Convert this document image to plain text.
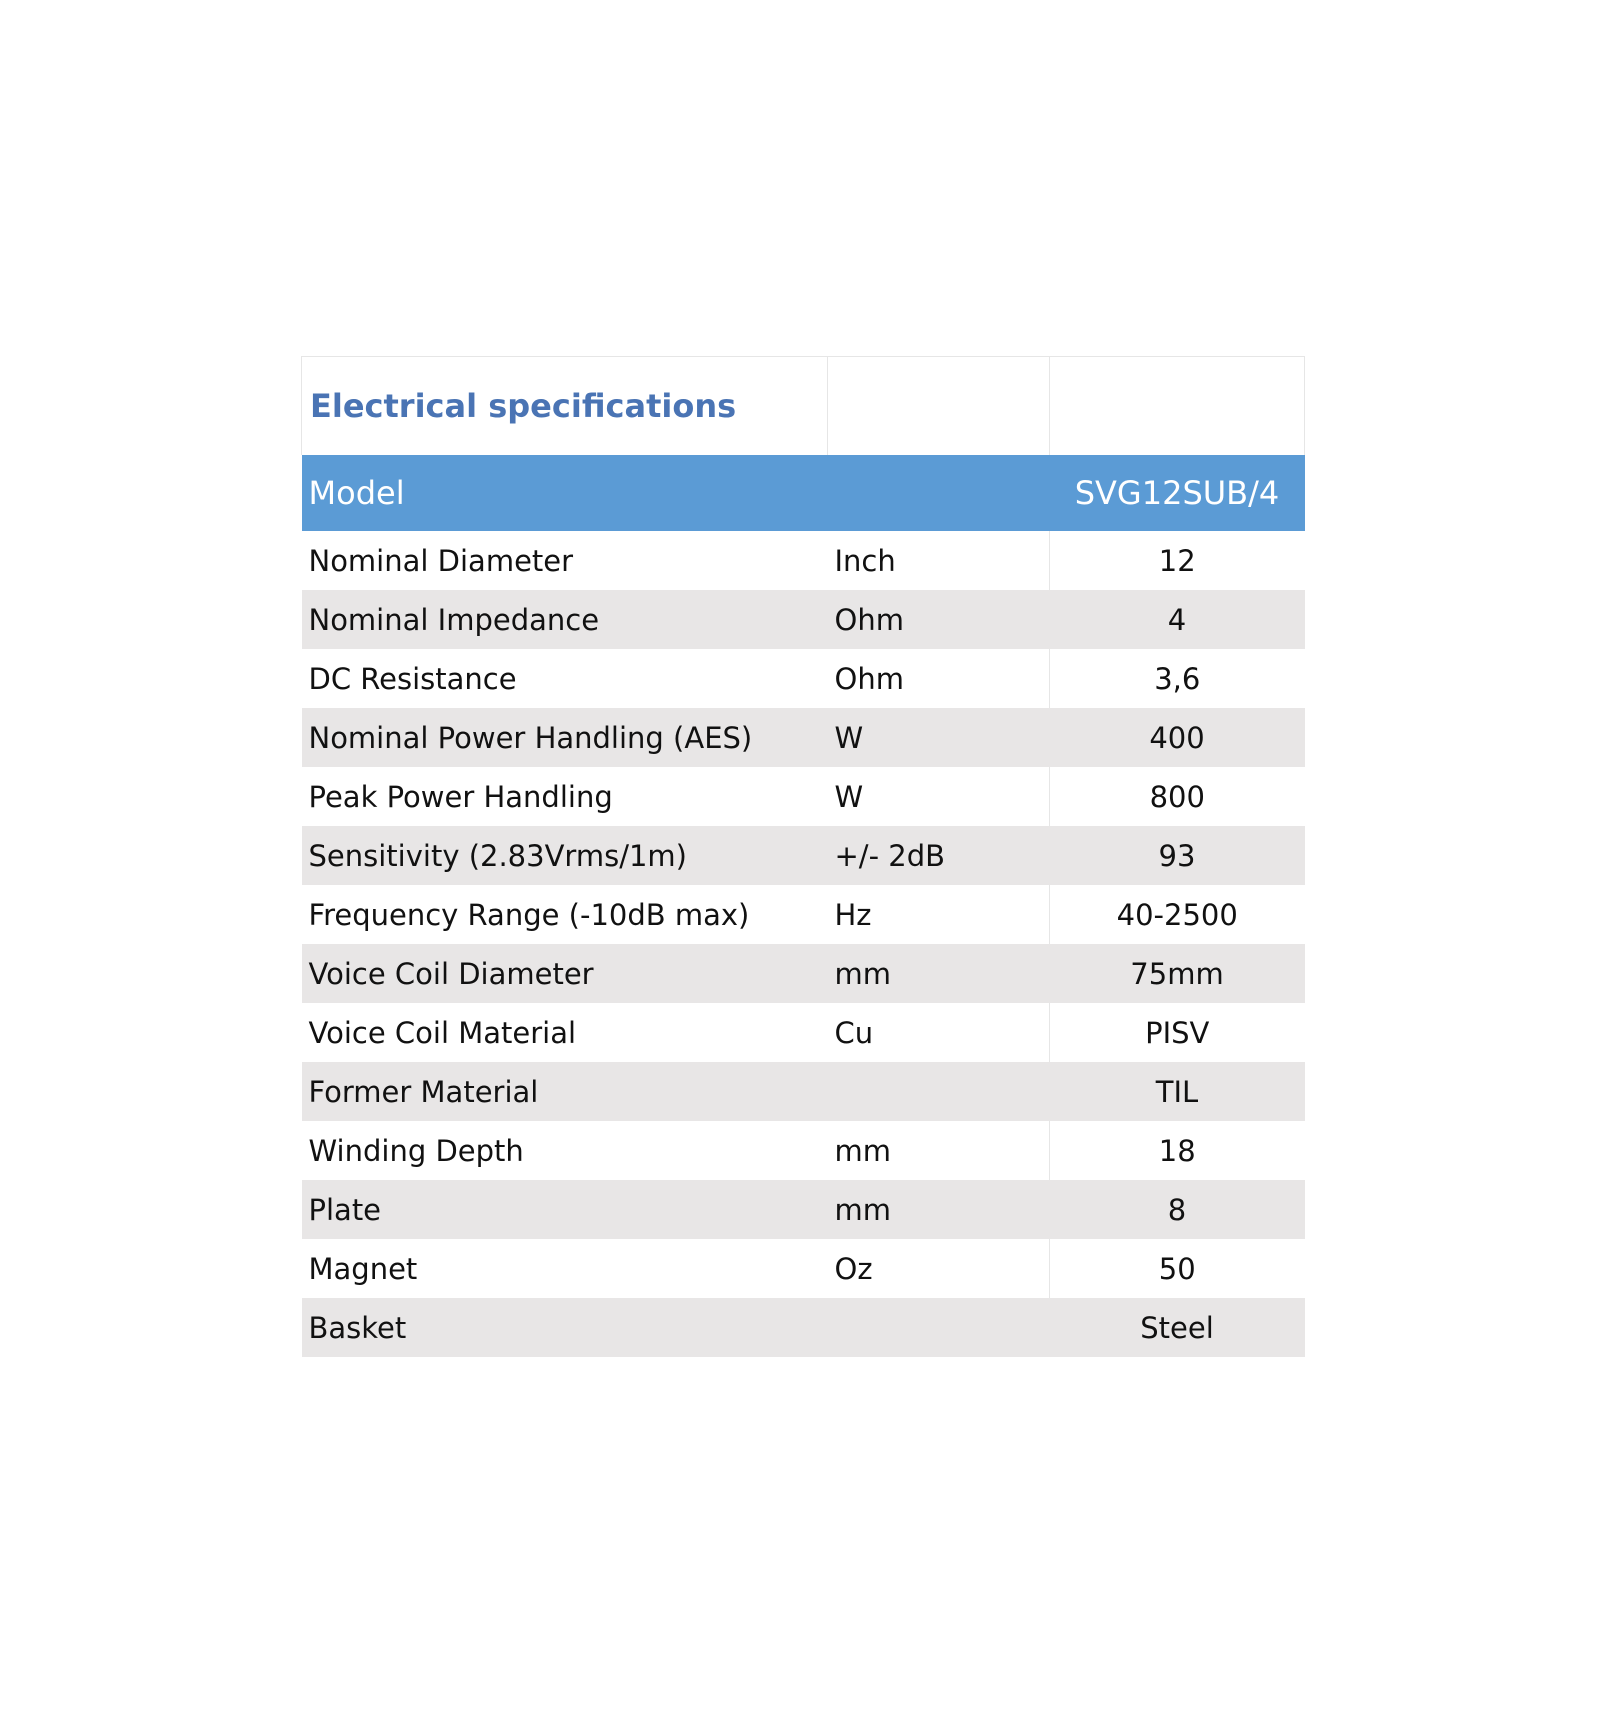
Electrical specifications		
Model		SVG12SUB/4
Nominal Diameter	Inch	12
Nominal Impedance	Ohm	4
DC Resistance	Ohm	3,6
Nominal Power Handling (AES)	W	400
Peak Power Handling	W	800
Sensitivity (2.83Vrms/1m)	+/- 2dB	93
Frequency Range (-10dB max)	Hz	40-2500
Voice Coil Diameter	mm	75mm
Voice Coil Material	Cu	PISV
Former Material		TIL
Winding Depth	mm	18
Plate	mm	8
Magnet	Oz	50
Basket		Steel
